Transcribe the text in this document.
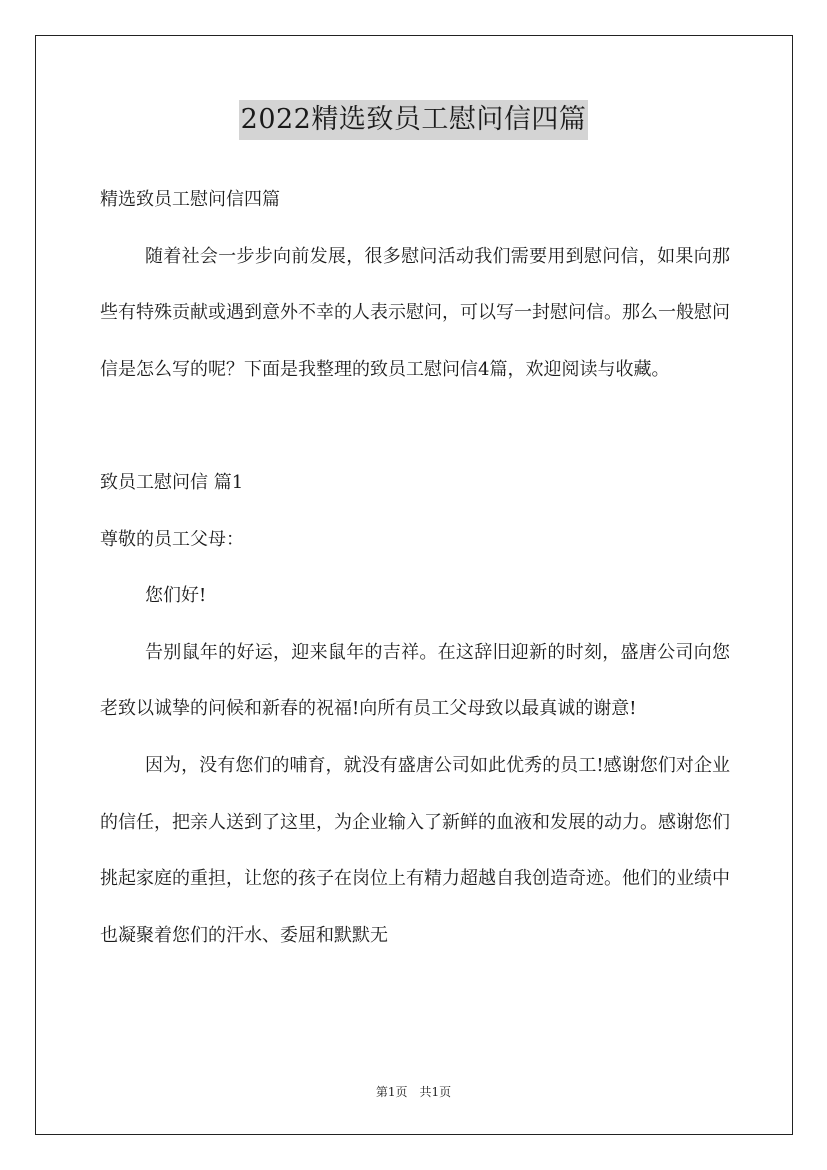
2022精选致员工慰问信四篇

精选致员工慰问信四篇

随着社会一步步向前发展，很多慰问活动我们需要用到慰问信，如果向那些有特殊贡献或遇到意外不幸的人表示慰问，可以写一封慰问信。那么一般慰问信是怎么写的呢？下面是我整理的致员工慰问信4篇，欢迎阅读与收藏。

致员工慰问信 篇1

尊敬的员工父母：

您们好!

告别鼠年的好运，迎来鼠年的吉祥。在这辞旧迎新的时刻，盛唐公司向您老致以诚挚的问候和新春的祝福!向所有员工父母致以最真诚的谢意!

因为，没有您们的哺育，就没有盛唐公司如此优秀的员工!感谢您们对企业的信任，把亲人送到了这里，为企业输入了新鲜的血液和发展的动力。感谢您们挑起家庭的重担，让您的孩子在岗位上有精力超越自我创造奇迹。他们的业绩中也凝聚着您们的汗水、委屈和默默无

第1页　共1页
